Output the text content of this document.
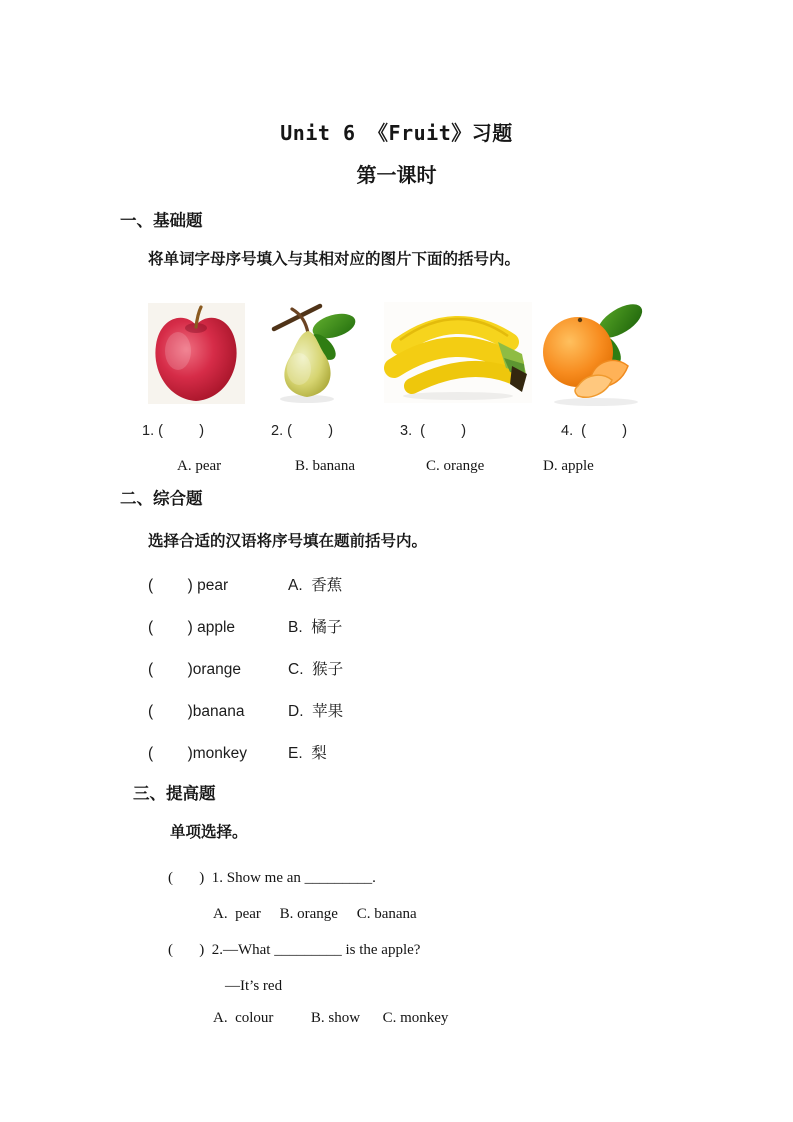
Unit 6 《Fruit》习题
第一课时
一、基础题
将单词字母序号填入与其相对应的图片下面的括号内。
1. (         )	2. (         )	3.  (         )	4.  (         )
A. pear	B. banana	C. orange	D. apple
二、综合题
选择合适的汉语将序号填在题前括号内。
(        ) pear	A.  香蕉
(        ) apple	B.  橘子
(        )orange	C.  猴子
(        )banana	D.  苹果
(        )monkey	E.  梨
三、提高题
单项选择。
(       )  1. Show me an _________.
A.  pear     B. orange     C. banana
(       )  2.—What _________ is the apple?
—It’s red
A.  colour          B. show      C. monkey
